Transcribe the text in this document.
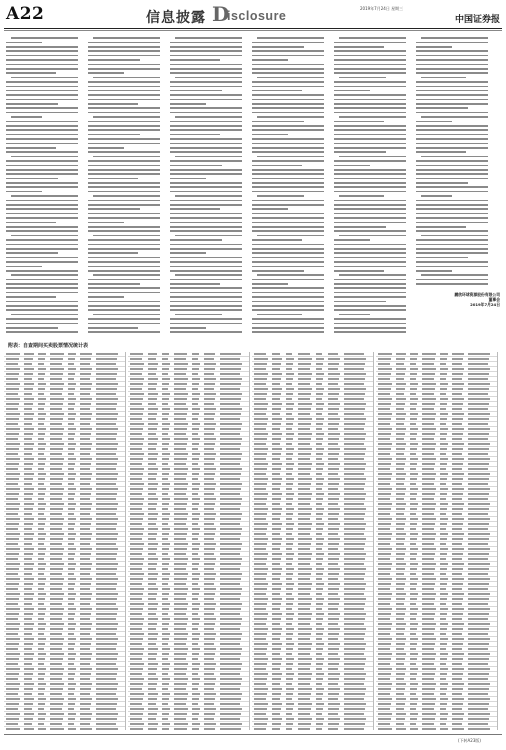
A22	信息披露 D
isclosure
2019年7月24日 星期三
中国证券报
鹏欣环球资源股份有限公司
董事会
2019年7月24日
附表：自查期间买卖股票情况统计表
(下转A23版)
